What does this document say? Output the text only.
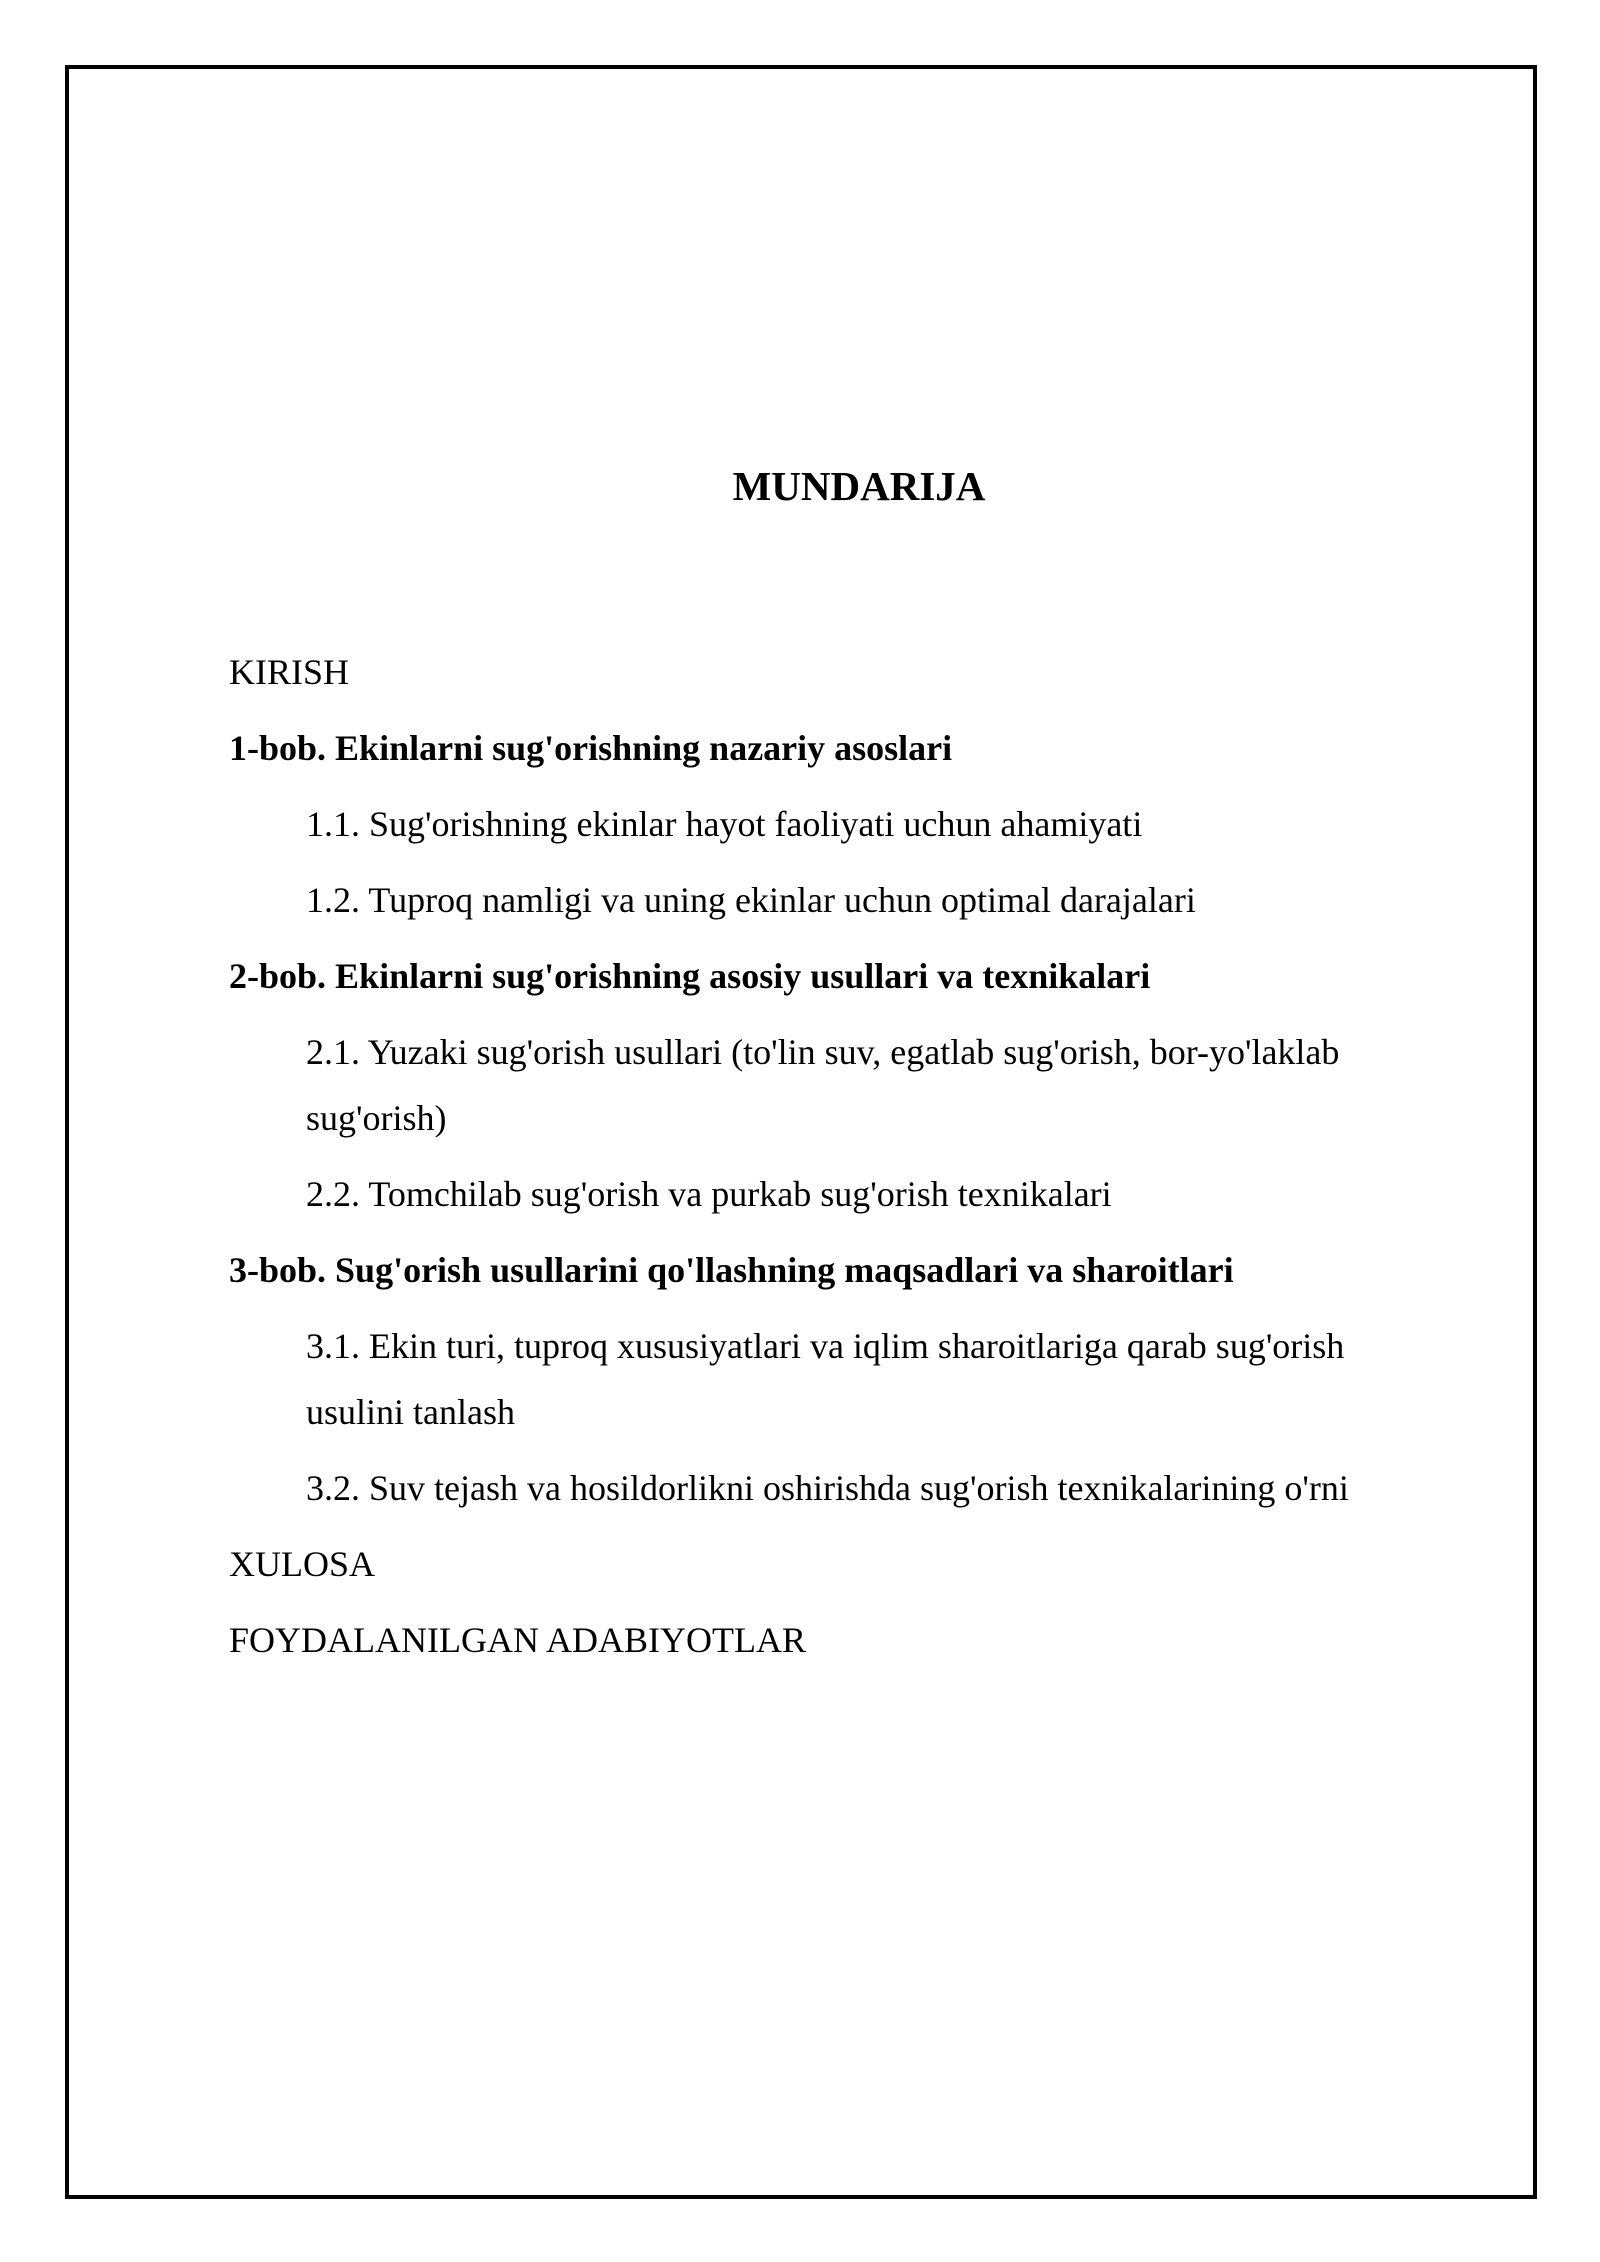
MUNDARIJA
KIRISH
1-bob. Ekinlarni sug'orishning nazariy asoslari
1.1. Sug'orishning ekinlar hayot faoliyati uchun ahamiyati
1.2. Tuproq namligi va uning ekinlar uchun optimal darajalari
2-bob. Ekinlarni sug'orishning asosiy usullari va texnikalari
2.1. Yuzaki sug'orish usullari (to'lin suv, egatlab sug'orish, bor-yo'laklab sug'orish)
2.2. Tomchilab sug'orish va purkab sug'orish texnikalari
3-bob. Sug'orish usullarini qo'llashning maqsadlari va sharoitlari
3.1. Ekin turi, tuproq xususiyatlari va iqlim sharoitlariga qarab sug'orish usulini tanlash
3.2. Suv tejash va hosildorlikni oshirishda sug'orish texnikalarining o'rni
XULOSA
FOYDALANILGAN ADABIYOTLAR
